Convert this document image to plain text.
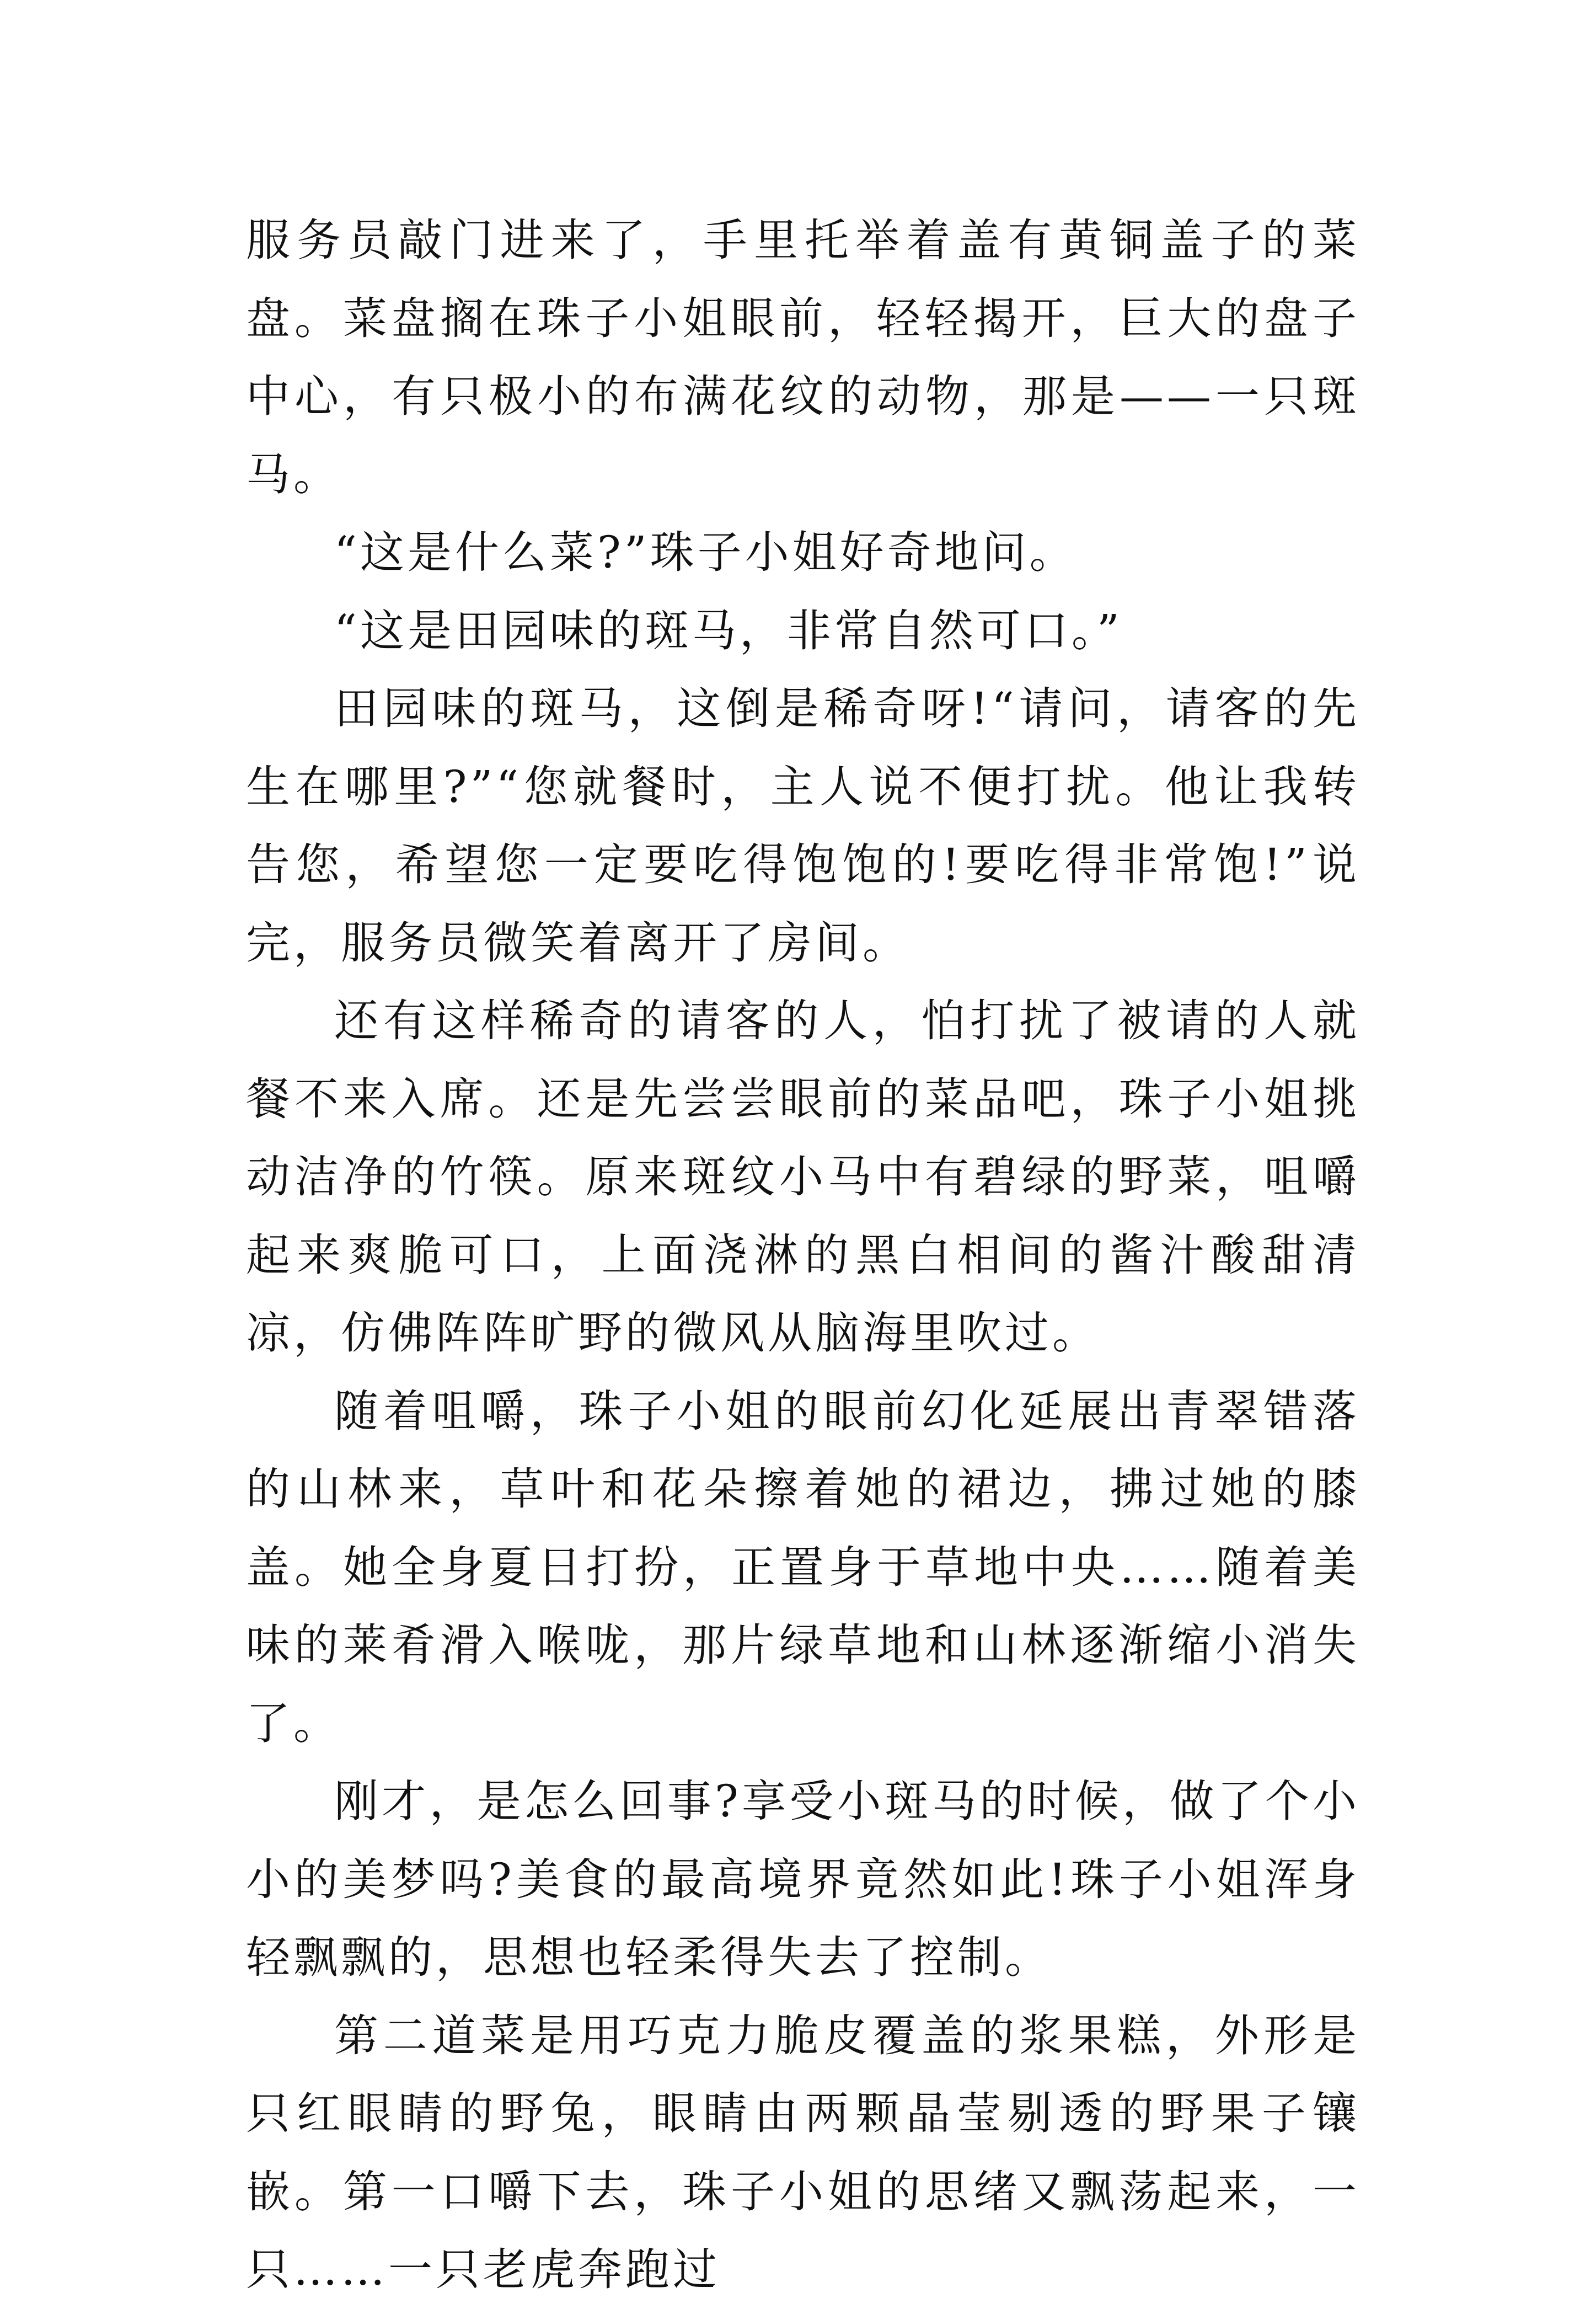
服务员敲门进来了，手里托举着盖有黄铜盖子的菜盘。菜盘搁在珠子小姐眼前，轻轻揭开，巨大的盘子中心，有只极小的布满花纹的动物，那是——一只斑马。

“这是什么菜?”珠子小姐好奇地问。

“这是田园味的斑马，非常自然可口。”

田园味的斑马，这倒是稀奇呀!“请问，请客的先生在哪里?”“您就餐时，主人说不便打扰。他让我转告您，希望您一定要吃得饱饱的!要吃得非常饱!”说完，服务员微笑着离开了房间。

还有这样稀奇的请客的人，怕打扰了被请的人就餐不来入席。还是先尝尝眼前的菜品吧，珠子小姐挑动洁净的竹筷。原来斑纹小马中有碧绿的野菜，咀嚼起来爽脆可口，上面浇淋的黑白相间的酱汁酸甜清凉，仿佛阵阵旷野的微风从脑海里吹过。

随着咀嚼，珠子小姐的眼前幻化延展出青翠错落的山林来，草叶和花朵擦着她的裙边，拂过她的膝盖。她全身夏日打扮，正置身于草地中央……随着美味的莱肴滑入喉咙，那片绿草地和山林逐渐缩小消失了。

刚才，是怎么回事?享受小斑马的时候，做了个小小的美梦吗?美食的最高境界竟然如此!珠子小姐浑身轻飘飘的，思想也轻柔得失去了控制。

第二道菜是用巧克力脆皮覆盖的浆果糕，外形是只红眼睛的野兔，眼睛由两颗晶莹剔透的野果子镶嵌。第一口嚼下去，珠子小姐的思绪又飘荡起来，一只……一只老虎奔跑过
